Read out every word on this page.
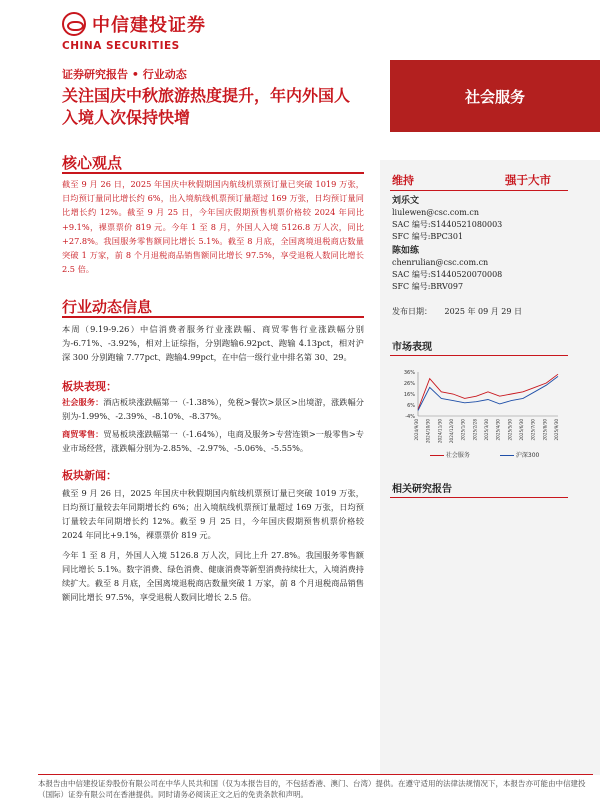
中信建投证券
CHINA SECURITIES
证券研究报告 • 行业动态
关注国庆中秋旅游热度提升，年内外国人入境人次保持快增
社会服务
核心观点
截至 9 月 26 日，2025 年国庆中秋假期国内航线机票预订量已突破 1019 万张，日均预订量同比增长约 6%，出入境航线机票预订量超过 169 万张，日均预订量同比增长约 12%。截至 9 月 25 日，今年国庆假期预售机票价格较 2024 年同比+9.1%，裸票票价 819 元。今年 1 至 8 月，外国人入境 5126.8 万人次，同比+27.8%。我国服务零售额同比增长 5.1%。截至 8 月底，全国离境退税商店数量突破 1 万家，前 8 个月退税商品销售额同比增长 97.5%，享受退税人数同比增长 2.5 倍。
行业动态信息
本周（9.19-9.26）中信消费者服务行业涨跌幅、商贸零售行业涨跌幅分别为-6.71%、-3.92%，相对上证综指，分别跑输6.92pct、跑输 4.13pct，相对沪深 300 分别跑输 7.77pct、跑输4.99pct，在中信一级行业中排名第 30、29。
板块表现：
社会服务：酒店板块涨跌幅第一（-1.38%），免税>餐饮>景区>出境游，涨跌幅分别为-1.99%、-2.39%、-8.10%、-8.37%。
商贸零售：贸易板块涨跌幅第一（-1.64%），电商及服务>专营连锁>一般零售>专业市场经营，涨跌幅分别为-2.85%、-2.97%、-5.06%、-5.55%。
板块新闻：
截至 9 月 26 日，2025 年国庆中秋假期国内航线机票预订量已突破 1019 万张，日均预订量较去年同期增长约 6%；出入境航线机票预订量超过 169 万张，日均预订量较去年同期增长约 12%。截至 9 月 25 日，今年国庆假期预售机票价格较 2024 年同比+9.1%，裸票票价 819 元。
今年 1 至 8 月，外国人入境 5126.8 万人次，同比上升 27.8%。我国服务零售额同比增长 5.1%。数字消费、绿色消费、健康消费等新型消费持续壮大，入境消费持续扩大。截至 8 月底，全国离境退税商店数量突破 1 万家，前 8 个月退税商品销售额同比增长 97.5%，享受退税人数同比增长 2.5 倍。
维持	强于大市
刘乐文
liulewen@csc.com.cn
SAC 编号:S1440521080003
SFC 编号:BPC301
陈如练
chenrulian@csc.com.cn
SAC 编号:S1440520070008
SFC 编号:BRV097
发布日期： 2025 年 09 月 29 日
市场表现
36%
26%
16%
6%
-4%
2024/9/30 2024/10/30 2024/11/30 2024/12/30 2025/1/30 2025/2/28 2025/3/30 2025/4/30 2025/5/30 2025/6/30 2025/7/30 2025/8/30 2025/9/30
社会服务	沪深300
相关研究报告
本报告由中信建投证券股份有限公司在中华人民共和国（仅为本报告目的，不包括香港、澳门、台湾）提供。在遵守适用的法律法规情况下，本报告亦可能由中信建投（国际）证券有限公司在香港提供。同时请务必阅读正文之后的免责条款和声明。
